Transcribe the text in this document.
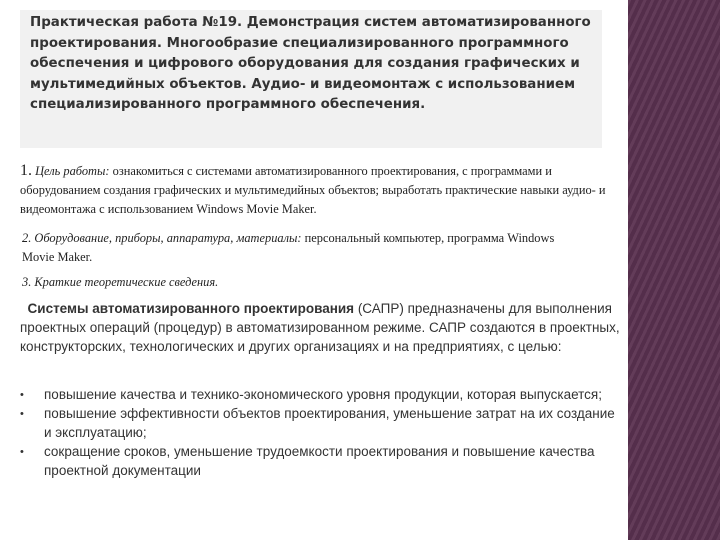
Практическая работа №19. Демонстрация систем автоматизированного проектирования. Многообразие специализированного программного обеспечения и цифрового оборудования для создания графических и мультимедийных объектов. Аудио- и видеомонтаж с использованием специализированного программного обеспечения.

1. Цель работы: ознакомиться с системами автоматизированного проектирования, с программами и оборудованием создания графических и мультимедийных объектов; выработать практические навыки аудио- и видеомонтажа с использованием Windows Movie Maker.

2. Оборудование, приборы, аппаратура, материалы: персональный компьютер, программа Windows Movie Maker.

3. Краткие теоретические сведения.

Системы автоматизированного проектирования (САПР) предназначены для выполнения проектных операций (процедур) в автоматизированном режиме. САПР создаются в проектных, конструкторских, технологических и других организациях и на предприятиях, с целью:

• повышение качества и технико-экономического уровня продукции, которая выпускается;
• повышение эффективности объектов проектирования, уменьшение затрат на их создание и эксплуатацию;
• сокращение сроков, уменьшение трудоемкости проектирования и повышение качества проектной документации
